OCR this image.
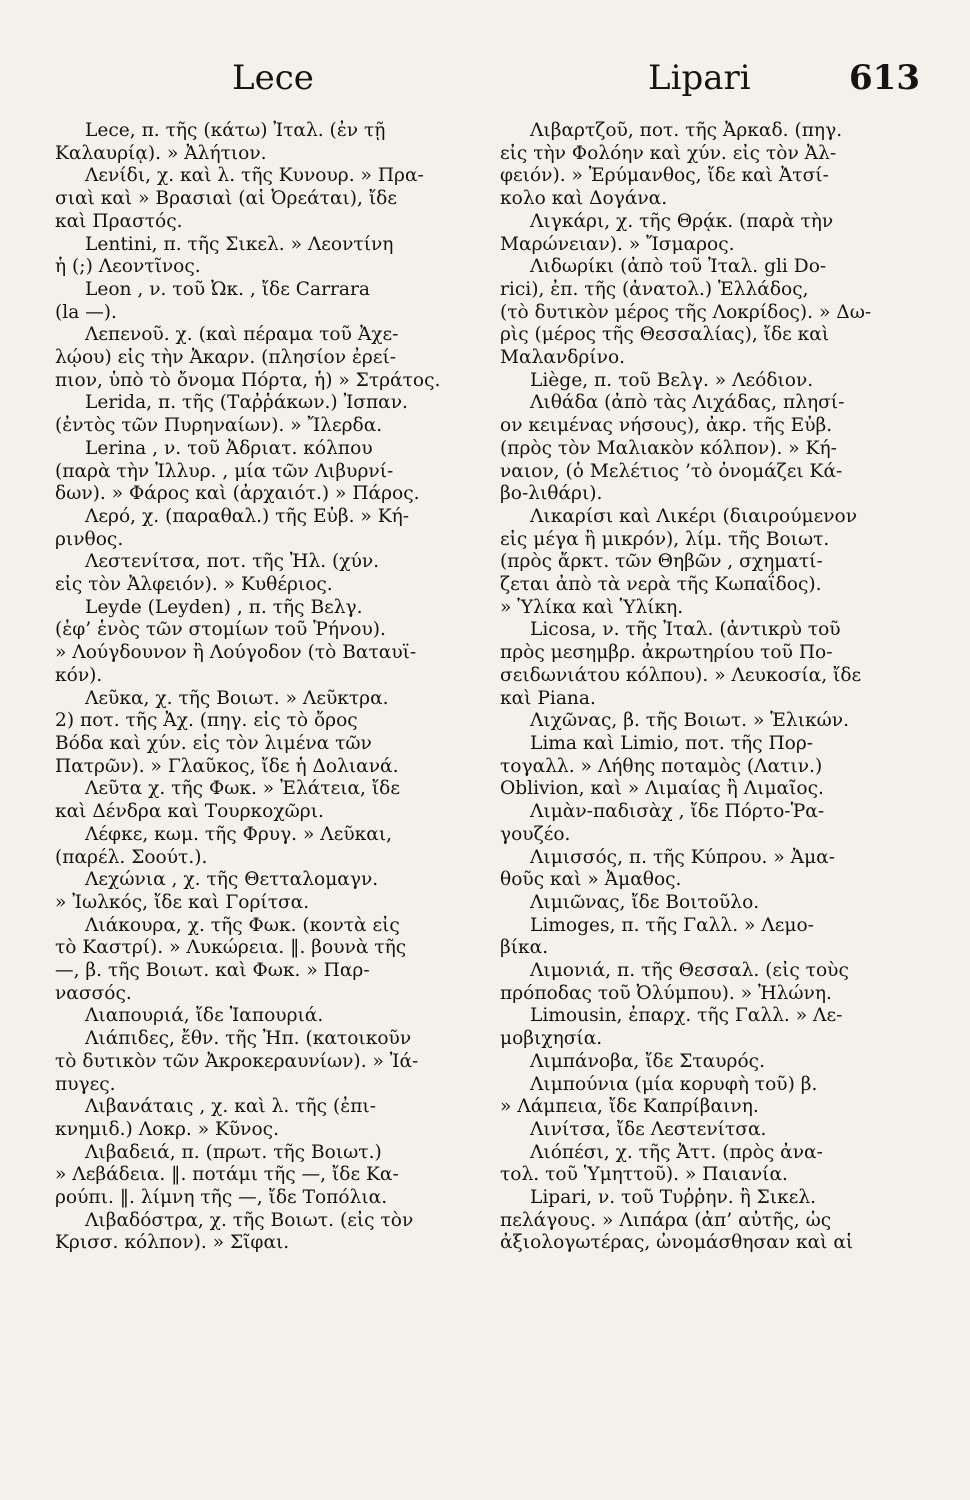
Lece	Lipari	613
Lece, π. τῆς (κάτω) Ἰταλ. (ἐν τῇ
Καλαυρίᾳ). » Ἀλήτιον.
Λενίδι, χ. καὶ λ. τῆς Κυνουρ. » Πρα-
σιαὶ καὶ » Βρασιαὶ (αἱ Ὀρεάται), ἴδε
καὶ Πραστός.
Lentini, π. τῆς Σικελ. » Λεοντίνη
ἡ (;) Λεοντῖνος.
Leon , ν. τοῦ Ὠκ. , ἴδε Carrara
(la —).
Λεπενοῦ. χ. (καὶ πέραμα τοῦ Ἀχε-
λῴου) εἰς τὴν Ἀκαρν. (πλησίον ἐρεί-
πιον, ὑπὸ τὸ ὄνομα Πόρτα, ἡ) » Στράτος.
Lerida, π. τῆς (Ταῤῥάκων.) Ἰσπαν.
(ἐντὸς τῶν Πυρηναίων). » Ἴλερδα.
Lerina , ν. τοῦ Ἀδριατ. κόλπου
(παρὰ τὴν Ἰλλυρ. , μία τῶν Λιβυρνί-
δων). » Φάρος καὶ (ἀρχαιότ.) » Πάρος.
Λερό, χ. (παραθαλ.) τῆς Εὐβ. » Κή-
ρινθος.
Λεστενίτσα, ποτ. τῆς Ἠλ. (χύν.
εἰς τὸν Ἀλφειόν). » Κυθέριος.
Leyde (Leyden) , π. τῆς Βελγ.
(ἐφ’ ἑνὸς τῶν στομίων τοῦ Ῥήνου).
» Λούγδουνον ἢ Λούγοδον (τὸ Βαταυϊ-
κόν).
Λεῦκα, χ. τῆς Βοιωτ. » Λεῦκτρα.
2) ποτ. τῆς Ἀχ. (πηγ. εἰς τὸ ὄρος
Βόδα καὶ χύν. εἰς τὸν λιμένα τῶν
Πατρῶν). » Γλαῦκος, ἴδε ἡ Δολιανά.
Λεῦτα χ. τῆς Φωκ. » Ἐλάτεια, ἴδε
καὶ Δένδρα καὶ Τουρκοχῶρι.
Λέφκε, κωμ. τῆς Φρυγ. » Λεῦκαι,
(παρέλ. Σοούτ.).
Λεχώνια , χ. τῆς Θετταλομαγν.
» Ἰωλκός, ἴδε καὶ Γορίτσα.
Λιάκουρα, χ. τῆς Φωκ. (κοντὰ εἰς
τὸ Καστρί). » Λυκώρεια. ‖. βουνὰ τῆς
—, β. τῆς Βοιωτ. καὶ Φωκ. » Παρ-
νασσός.
Λιαπουριά, ἴδε Ἰαπουριά.
Λιάπιδες, ἔθν. τῆς Ἠπ. (κατοικοῦν
τὸ δυτικὸν τῶν Ἀκροκεραυνίων). » Ἰά-
πυγες.
Λιβανάταις , χ. καὶ λ. τῆς (ἐπι-
κνημιδ.) Λοκρ. » Κῦνος.
Λιβαδειά, π. (πρωτ. τῆς Βοιωτ.)
» Λεβάδεια. ‖. ποτάμι τῆς —, ἴδε Κα-
ρούπι. ‖. λίμνη τῆς —, ἴδε Τοπόλια.
Λιβαδόστρα, χ. τῆς Βοιωτ. (εἰς τὸν
Κρισσ. κόλπον). » Σῖφαι.
Λιβαρτζοῦ, ποτ. τῆς Ἀρκαδ. (πηγ.
εἰς τὴν Φολόην καὶ χύν. εἰς τὸν Ἀλ-
φειόν). » Ἐρύμανθος, ἴδε καὶ Ἀτσί-
κολο καὶ Δογάνα.
Λιγκάρι, χ. τῆς Θρᾴκ. (παρὰ τὴν
Μαρώνειαν). » Ἴσμαρος.
Λιδωρίκι (ἀπὸ τοῦ Ἰταλ. gli Do-
rici), ἐπ. τῆς (ἀνατολ.) Ἑλλάδος,
(τὸ δυτικὸν μέρος τῆς Λοκρίδος). » Δω-
ρὶς (μέρος τῆς Θεσσαλίας), ἴδε καὶ
Μαλανδρίνο.
Liège, π. τοῦ Βελγ. » Λεόδιον.
Λιθάδα (ἀπὸ τὰς Λιχάδας, πλησί-
ον κειμένας νήσους), ἀκρ. τῆς Εὐβ.
(πρὸς τὸν Μαλιακὸν κόλπον). » Κή-
ναιον, (ὁ Μελέτιος ’τὸ ὀνομάζει Κά-
βο-λιθάρι).
Λικαρίσι καὶ Λικέρι (διαιρούμενον
εἰς μέγα ἢ μικρόν), λίμ. τῆς Βοιωτ.
(πρὸς ἄρκτ. τῶν Θηβῶν , σχηματί-
ζεται ἀπὸ τὰ νερὰ τῆς Κωπαΐδος).
» Ὑλίκα καὶ Ὑλίκη.
Licosa, ν. τῆς Ἰταλ. (ἀντικρὺ τοῦ
πρὸς μεσημβρ. ἀκρωτηρίου τοῦ Πο-
σειδωνιάτου κόλπου). » Λευκοσία, ἴδε
καὶ Piana.
Λιχῶνας, β. τῆς Βοιωτ. » Ἑλικών.
Lima καὶ Limio, ποτ. τῆς Πορ-
τογαλλ. » Λήθης ποταμὸς (Λατιν.)
Oblivion, καὶ » Λιμαίας ἢ Λιμαῖος.
Λιμὰν-παδισὰχ , ἴδε Πόρτο-Ῥα-
γουζέο.
Λιμισσός, π. τῆς Κύπρου. » Ἀμα-
θοῦς καὶ » Ἀμαθος.
Λιμιῶνας, ἴδε Βοιτοῦλο.
Limoges, π. τῆς Γαλλ. » Λεμο-
βίκα.
Λιμονιά, π. τῆς Θεσσαλ. (εἰς τοὺς
πρόποδας τοῦ Ὀλύμπου). » Ἠλώνη.
Limousin, ἐπαρχ. τῆς Γαλλ. » Λε-
μοβιχησία.
Λιμπάνοβα, ἴδε Σταυρός.
Λιμπούνια (μία κορυφὴ τοῦ) β.
» Λάμπεια, ἴδε Καπρίβαινη.
Λινίτσα, ἴδε Λεστενίτσα.
Λιόπέσι, χ. τῆς Ἀττ. (πρὸς ἀνα-
τολ. τοῦ Ὑμηττοῦ). » Παιανία.
Lipari, ν. τοῦ Τυῤῥην. ἢ Σικελ.
πελάγους. » Λιπάρα (ἀπ’ αὐτῆς, ὡς
ἀξιολογωτέρας, ὠνομάσθησαν καὶ αἱ
